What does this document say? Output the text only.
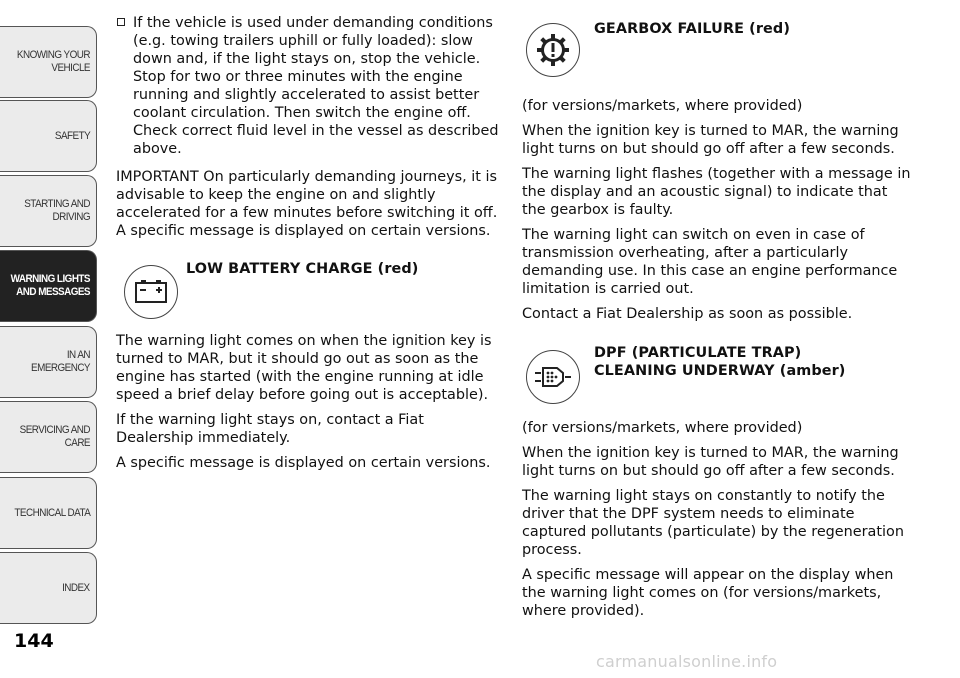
KNOWING YOUR VEHICLE
SAFETY
STARTING AND DRIVING
WARNING LIGHTS AND MESSAGES
IN AN EMERGENCY
SERVICING AND CARE
TECHNICAL DATA
INDEX
144

If the vehicle is used under demanding conditions (e.g. towing trailers uphill or fully loaded): slow down and, if the light stays on, stop the vehicle. Stop for two or three minutes with the engine running and slightly accelerated to assist better coolant circulation. Then switch the engine off. Check correct fluid level in the vessel as described above.

IMPORTANT On particularly demanding journeys, it is advisable to keep the engine on and slightly accelerated for a few minutes before switching it off. A specific message is displayed on certain versions.

LOW BATTERY CHARGE (red)

The warning light comes on when the ignition key is turned to MAR, but it should go out as soon as the engine has started (with the engine running at idle speed a brief delay before going out is acceptable).

If the warning light stays on, contact a Fiat Dealership immediately.

A specific message is displayed on certain versions.

GEARBOX FAILURE (red)

(for versions/markets, where provided)

When the ignition key is turned to MAR, the warning light turns on but should go off after a few seconds.

The warning light flashes (together with a message in the display and an acoustic signal) to indicate that the gearbox is faulty.

The warning light can switch on even in case of transmission overheating, after a particularly demanding use. In this case an engine performance limitation is carried out.

Contact a Fiat Dealership as soon as possible.

DPF (PARTICULATE TRAP)
CLEANING UNDERWAY (amber)

(for versions/markets, where provided)

When the ignition key is turned to MAR, the warning light turns on but should go off after a few seconds.

The warning light stays on constantly to notify the driver that the DPF system needs to eliminate captured pollutants (particulate) by the regeneration process.

A specific message will appear on the display when the warning light comes on (for versions/markets, where provided).

carmanualsonline.info
